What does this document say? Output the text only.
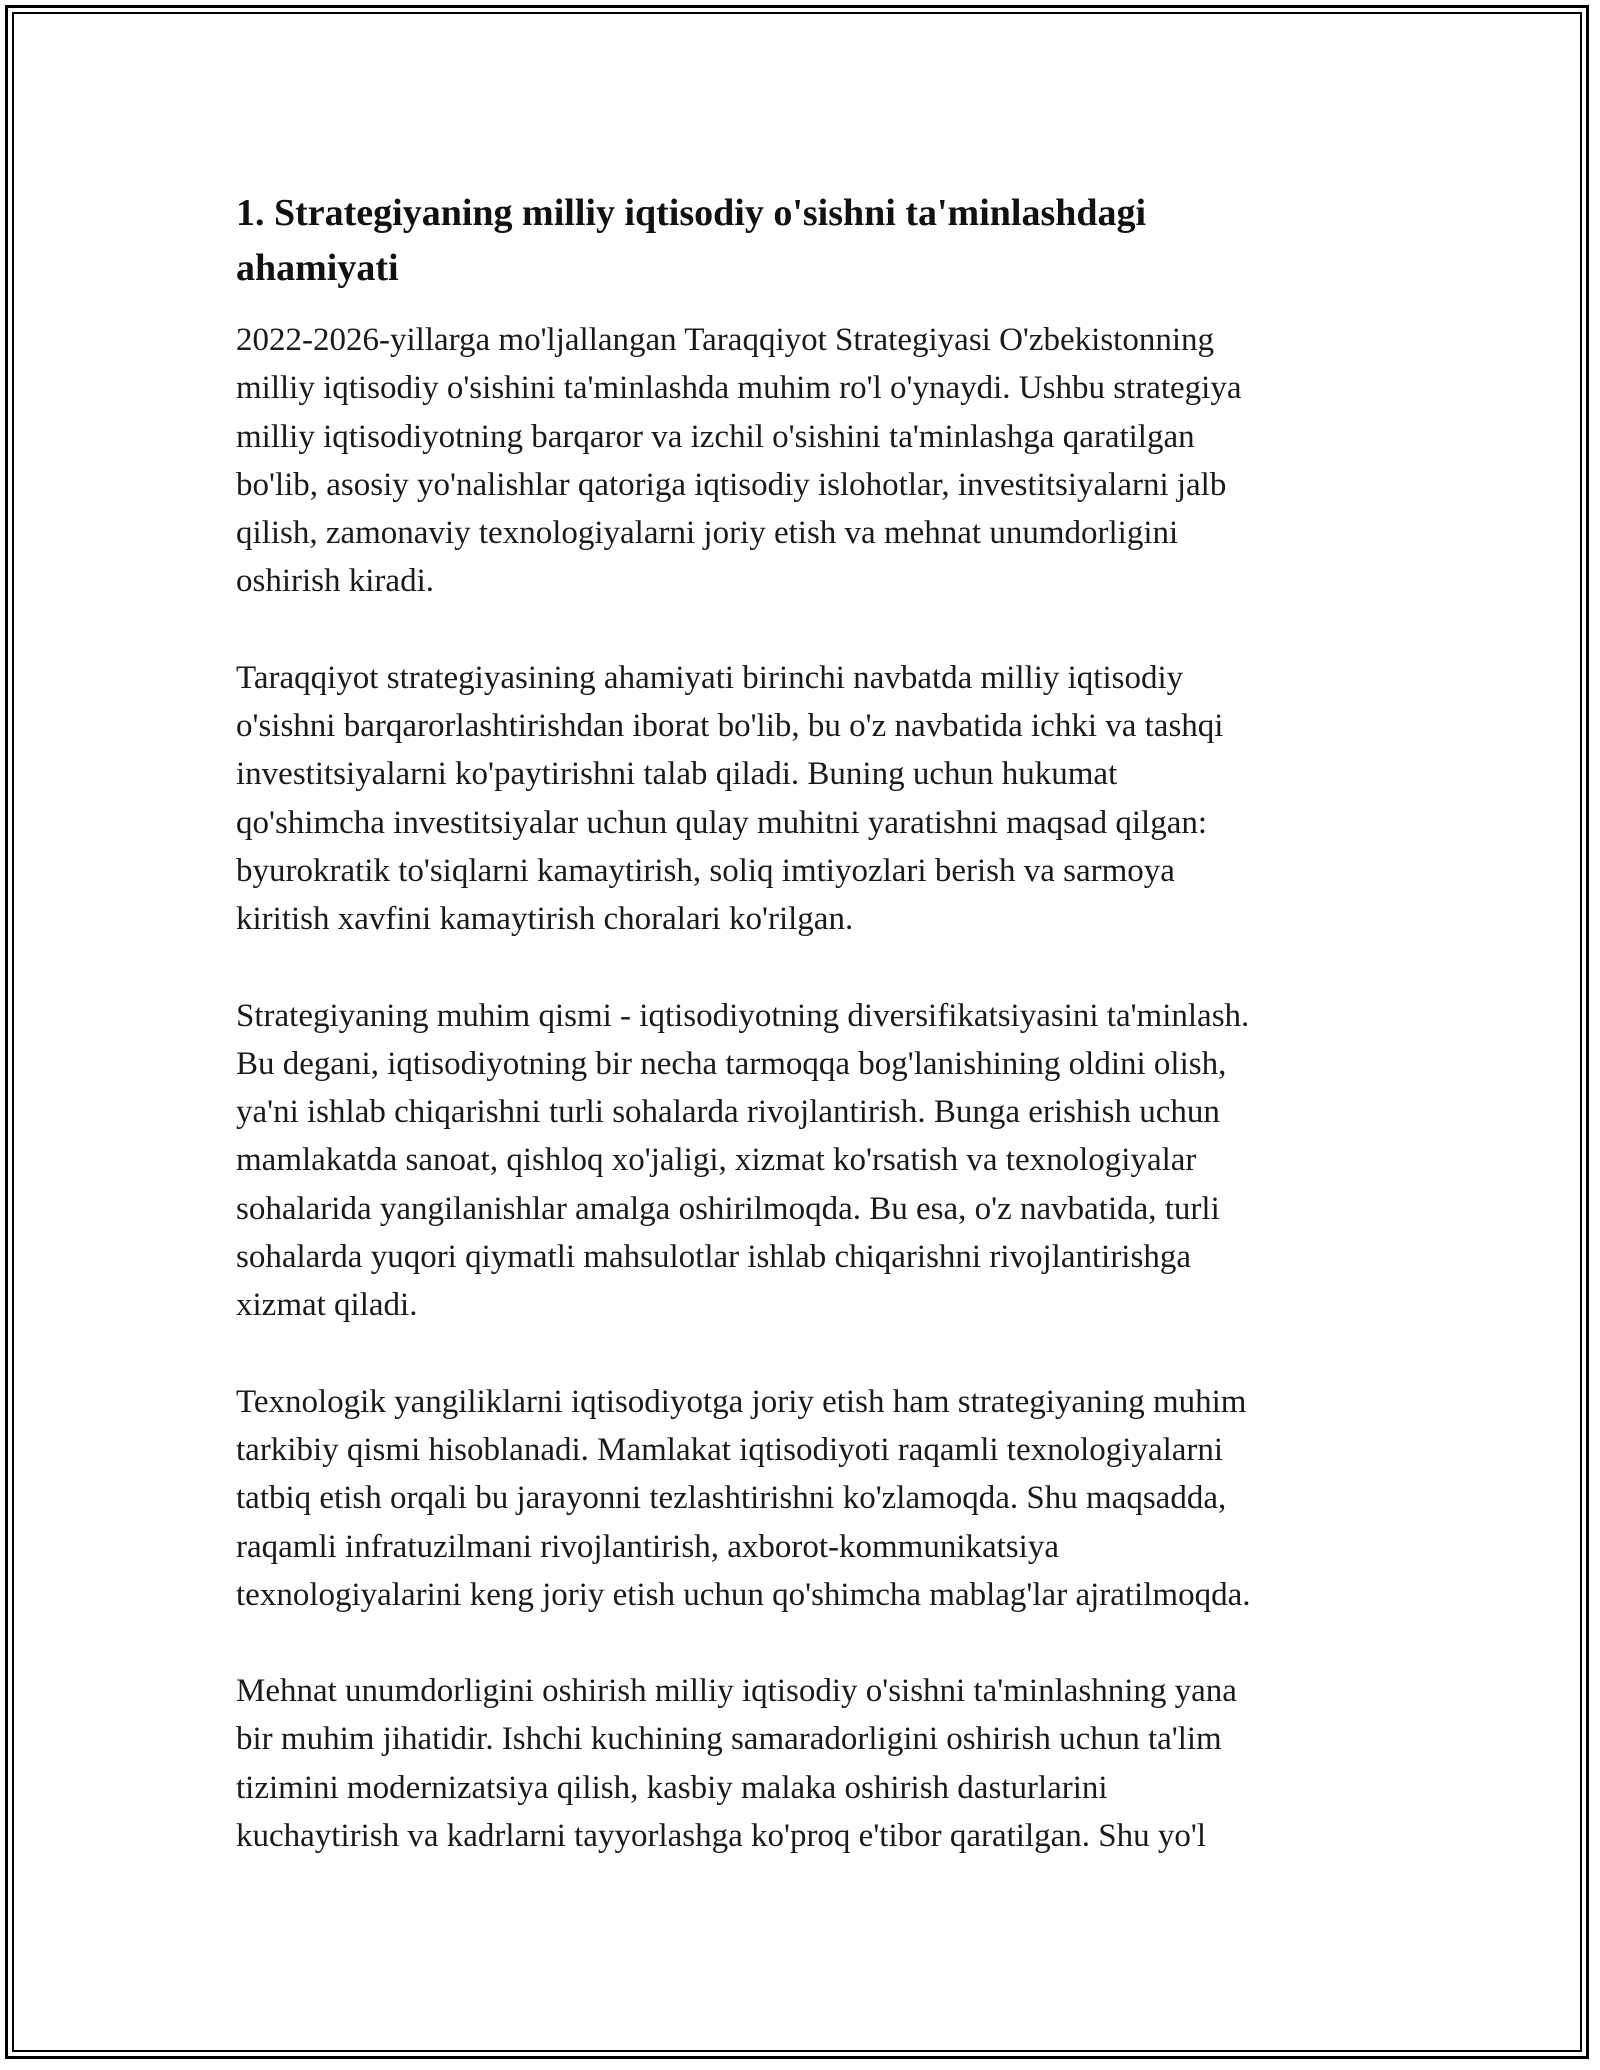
1. Strategiyaning milliy iqtisodiy o'sishni ta'minlashdagi
ahamiyati

2022-2026-yillarga mo'ljallangan Taraqqiyot Strategiyasi O'zbekistonning
milliy iqtisodiy o'sishini ta'minlashda muhim ro'l o'ynaydi. Ushbu strategiya
milliy iqtisodiyotning barqaror va izchil o'sishini ta'minlashga qaratilgan
bo'lib, asosiy yo'nalishlar qatoriga iqtisodiy islohotlar, investitsiyalarni jalb
qilish, zamonaviy texnologiyalarni joriy etish va mehnat unumdorligini
oshirish kiradi.

Taraqqiyot strategiyasining ahamiyati birinchi navbatda milliy iqtisodiy
o'sishni barqarorlashtirishdan iborat bo'lib, bu o'z navbatida ichki va tashqi
investitsiyalarni ko'paytirishni talab qiladi. Buning uchun hukumat
qo'shimcha investitsiyalar uchun qulay muhitni yaratishni maqsad qilgan:
byurokratik to'siqlarni kamaytirish, soliq imtiyozlari berish va sarmoya
kiritish xavfini kamaytirish choralari ko'rilgan.

Strategiyaning muhim qismi - iqtisodiyotning diversifikatsiyasini ta'minlash.
Bu degani, iqtisodiyotning bir necha tarmoqqa bog'lanishining oldini olish,
ya'ni ishlab chiqarishni turli sohalarda rivojlantirish. Bunga erishish uchun
mamlakatda sanoat, qishloq xo'jaligi, xizmat ko'rsatish va texnologiyalar
sohalarida yangilanishlar amalga oshirilmoqda. Bu esa, o'z navbatida, turli
sohalarda yuqori qiymatli mahsulotlar ishlab chiqarishni rivojlantirishga
xizmat qiladi.

Texnologik yangiliklarni iqtisodiyotga joriy etish ham strategiyaning muhim
tarkibiy qismi hisoblanadi. Mamlakat iqtisodiyoti raqamli texnologiyalarni
tatbiq etish orqali bu jarayonni tezlashtirishni ko'zlamoqda. Shu maqsadda,
raqamli infratuzilmani rivojlantirish, axborot-kommunikatsiya
texnologiyalarini keng joriy etish uchun qo'shimcha mablag'lar ajratilmoqda.

Mehnat unumdorligini oshirish milliy iqtisodiy o'sishni ta'minlashning yana
bir muhim jihatidir. Ishchi kuchining samaradorligini oshirish uchun ta'lim
tizimini modernizatsiya qilish, kasbiy malaka oshirish dasturlarini
kuchaytirish va kadrlarni tayyorlashga ko'proq e'tibor qaratilgan. Shu yo'l
